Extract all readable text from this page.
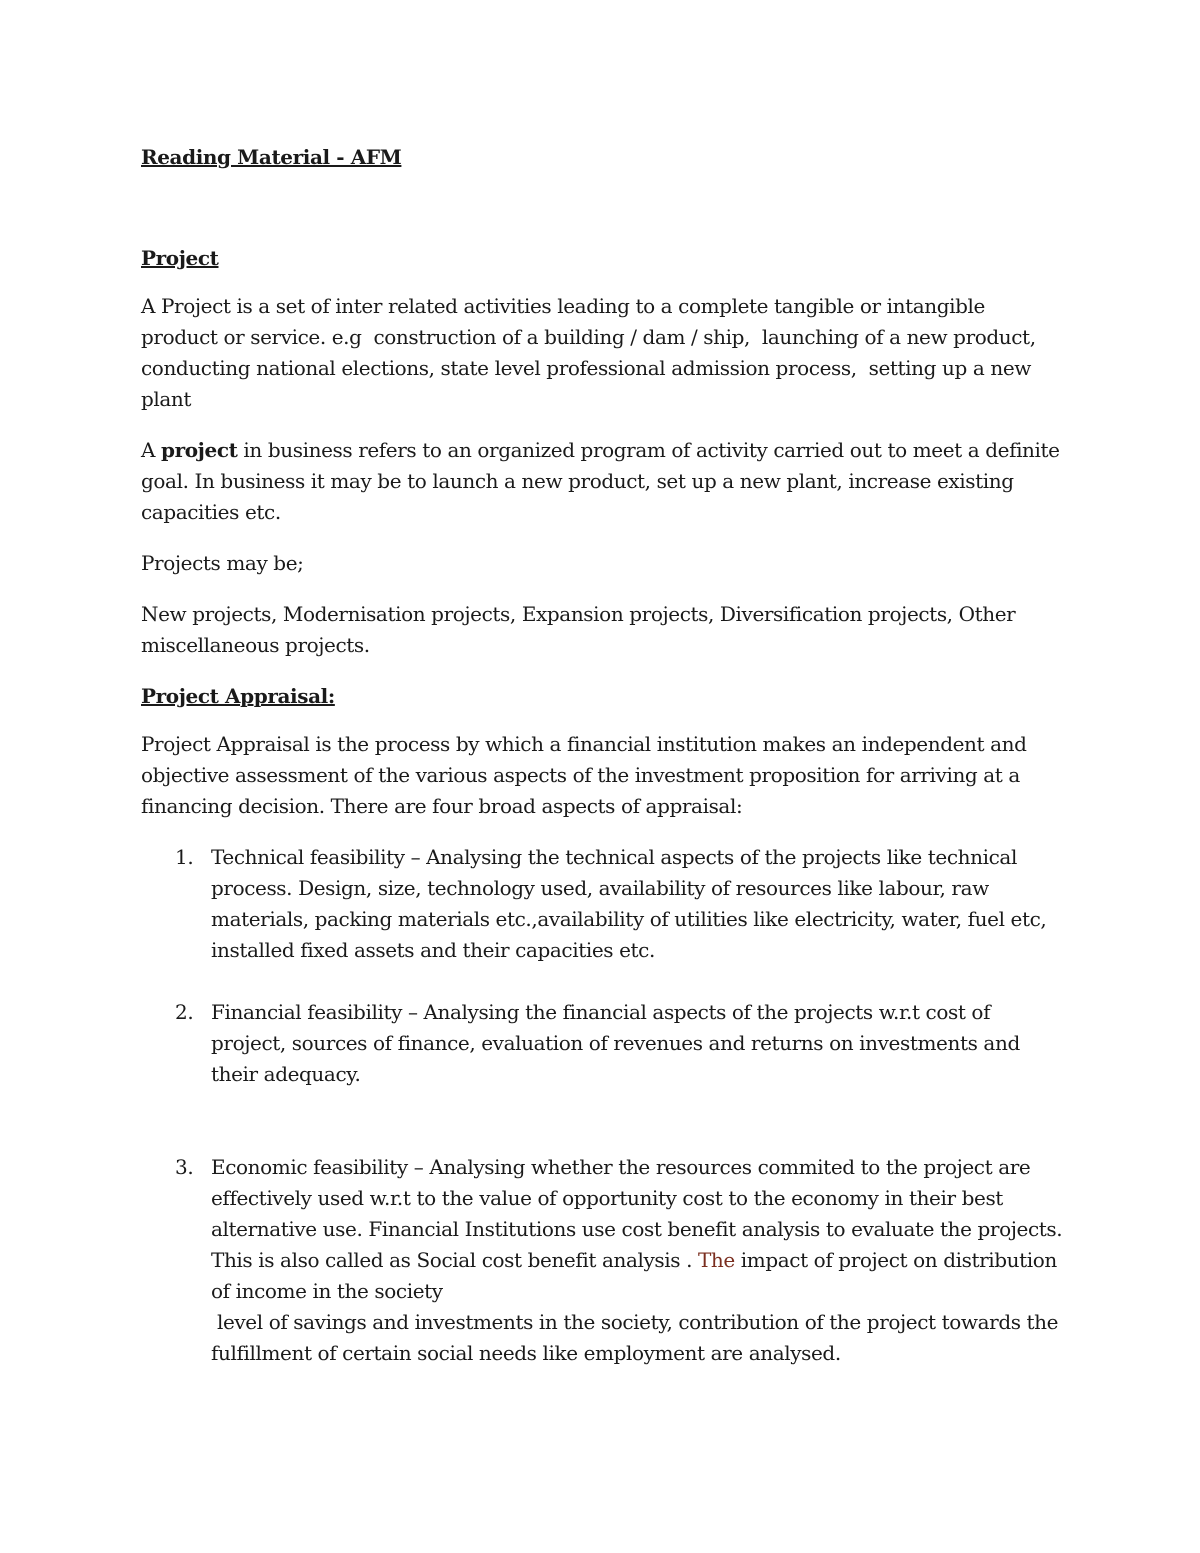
Reading Material - AFM
Project

A Project is a set of inter related activities leading to a complete tangible or intangible product or service. e.g  construction of a building / dam / ship,  launching of a new product,     conducting national elections, state level professional admission process,  setting up a new plant

A project in business refers to an organized program of activity carried out to meet a definite goal. In business it may be to launch a new product, set up a new plant, increase existing capacities etc.

Projects may be;

New projects, Modernisation projects, Expansion projects, Diversification projects, Other miscellaneous projects.

Project Appraisal:

Project Appraisal is the process by which a financial institution makes an independent and objective assessment of the various aspects of the investment proposition for arriving at a financing decision. There are four broad aspects of appraisal:

1. Technical feasibility – Analysing the technical aspects of the projects like technical process. Design, size, technology used, availability of resources like labour, raw materials, packing materials etc.,availability of utilities like electricity, water, fuel etc, installed fixed assets and their capacities etc.
2. Financial feasibility – Analysing the financial aspects of the projects w.r.t cost of project, sources of finance, evaluation of revenues and returns on investments and their adequacy.
3. Economic feasibility – Analysing whether the resources commited to the project are effectively used w.r.t to the value of opportunity cost to the economy in their best alternative use. Financial Institutions use cost benefit analysis to evaluate the projects. This is also called as Social cost benefit analysis . The impact of project on distribution of income in the society
level of savings and investments in the society, contribution of the project towards the fulfillment of certain social needs like employment are analysed.
